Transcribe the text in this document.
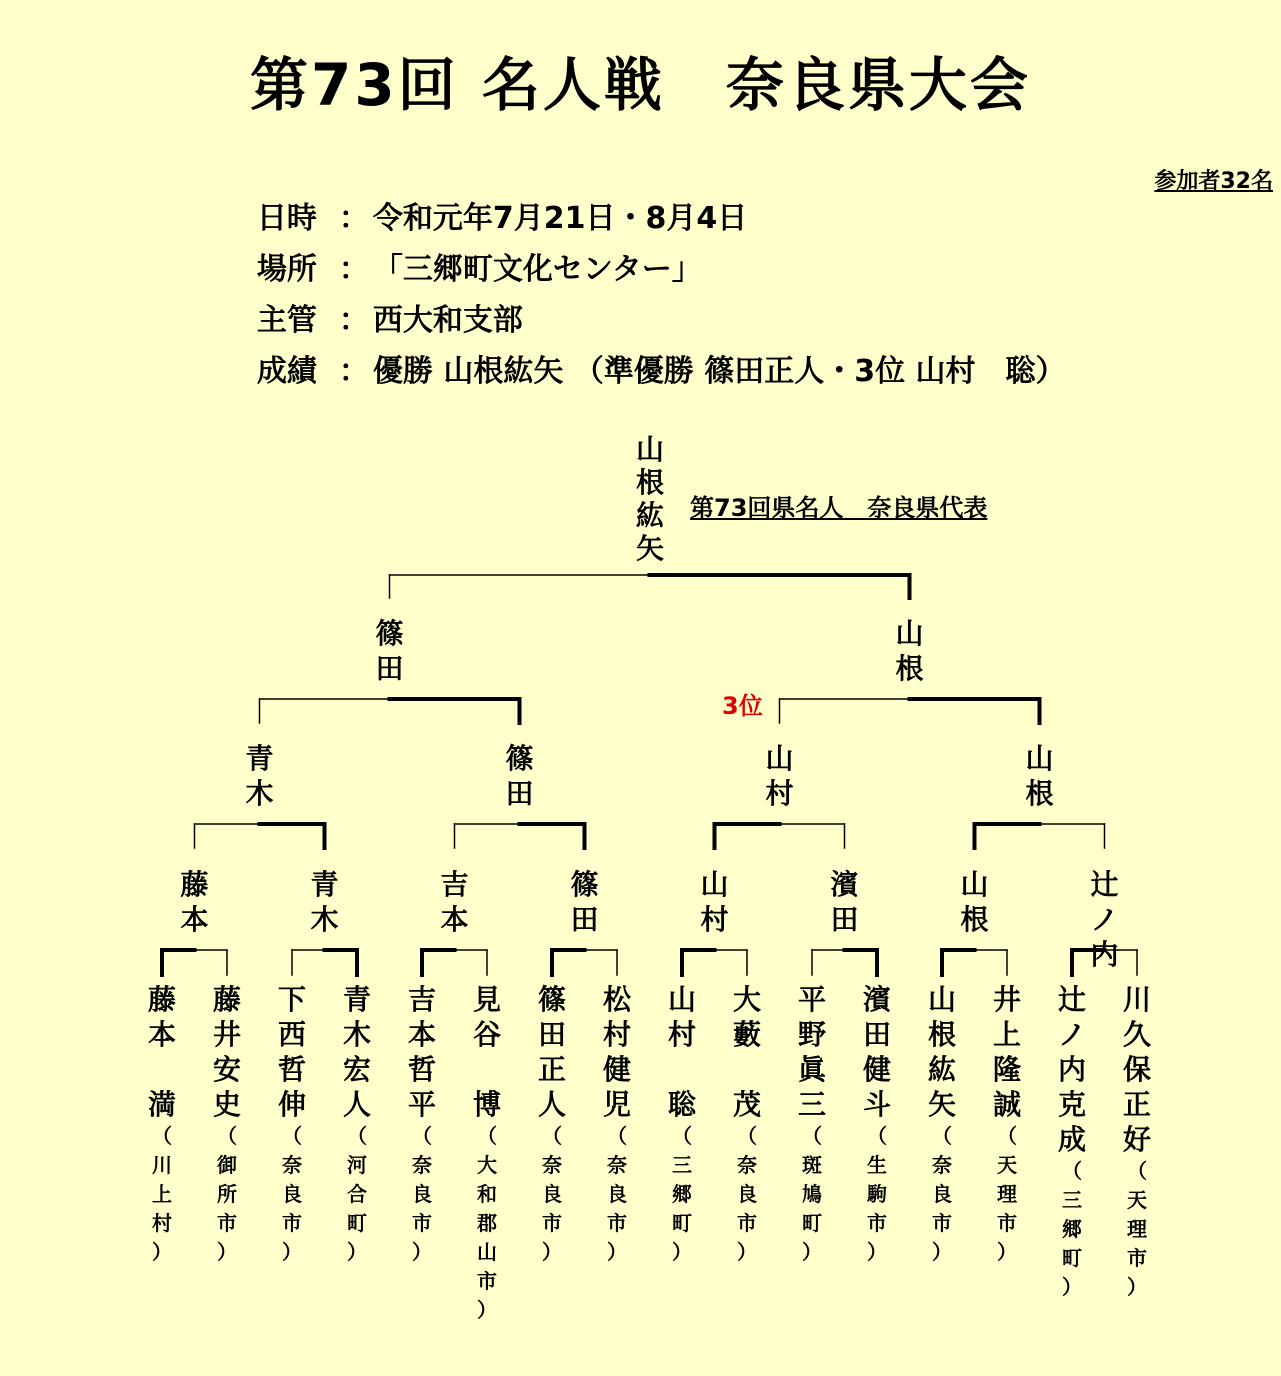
第73回 名人戦　奈良県大会

日時 ： 令和元年7月21日・8月4日

場所 ： 「三郷町文化センター」

主管 ： 西大和支部

成績 ： 優勝 山根紘矢 （準優勝 篠田正人・3位 山村　聡）

参加者32名
山
根
紘
矢
第73回県名人　奈良県代表
3位
藤
本
満
（
川
上
村
）
藤
井
安
史
（
御
所
市
）
下
西
哲
伸
（
奈
良
市
）
青
木
宏
人
（
河
合
町
）
吉
本
哲
平
（
奈
良
市
）
見
谷
博
（
大
和
郡
山
市
）
篠
田
正
人
（
奈
良
市
）
松
村
健
児
（
奈
良
市
）
山
村
聡
（
三
郷
町
）
大
藪
茂
（
奈
良
市
）
平
野
眞
三
（
斑
鳩
町
）
濱
田
健
斗
（
生
駒
市
）
山
根
紘
矢
（
奈
良
市
）
井
上
隆
誠
（
天
理
市
）
辻
ノ
内
克
成
（
三
郷
町
）
川
久
保
正
好
（
天
理
市
）
藤
本
青
木
吉
本
篠
田
山
村
濱
田
山
根
辻
ノ
内
青
木
篠
田
山
村
山
根
篠
田
山
根
